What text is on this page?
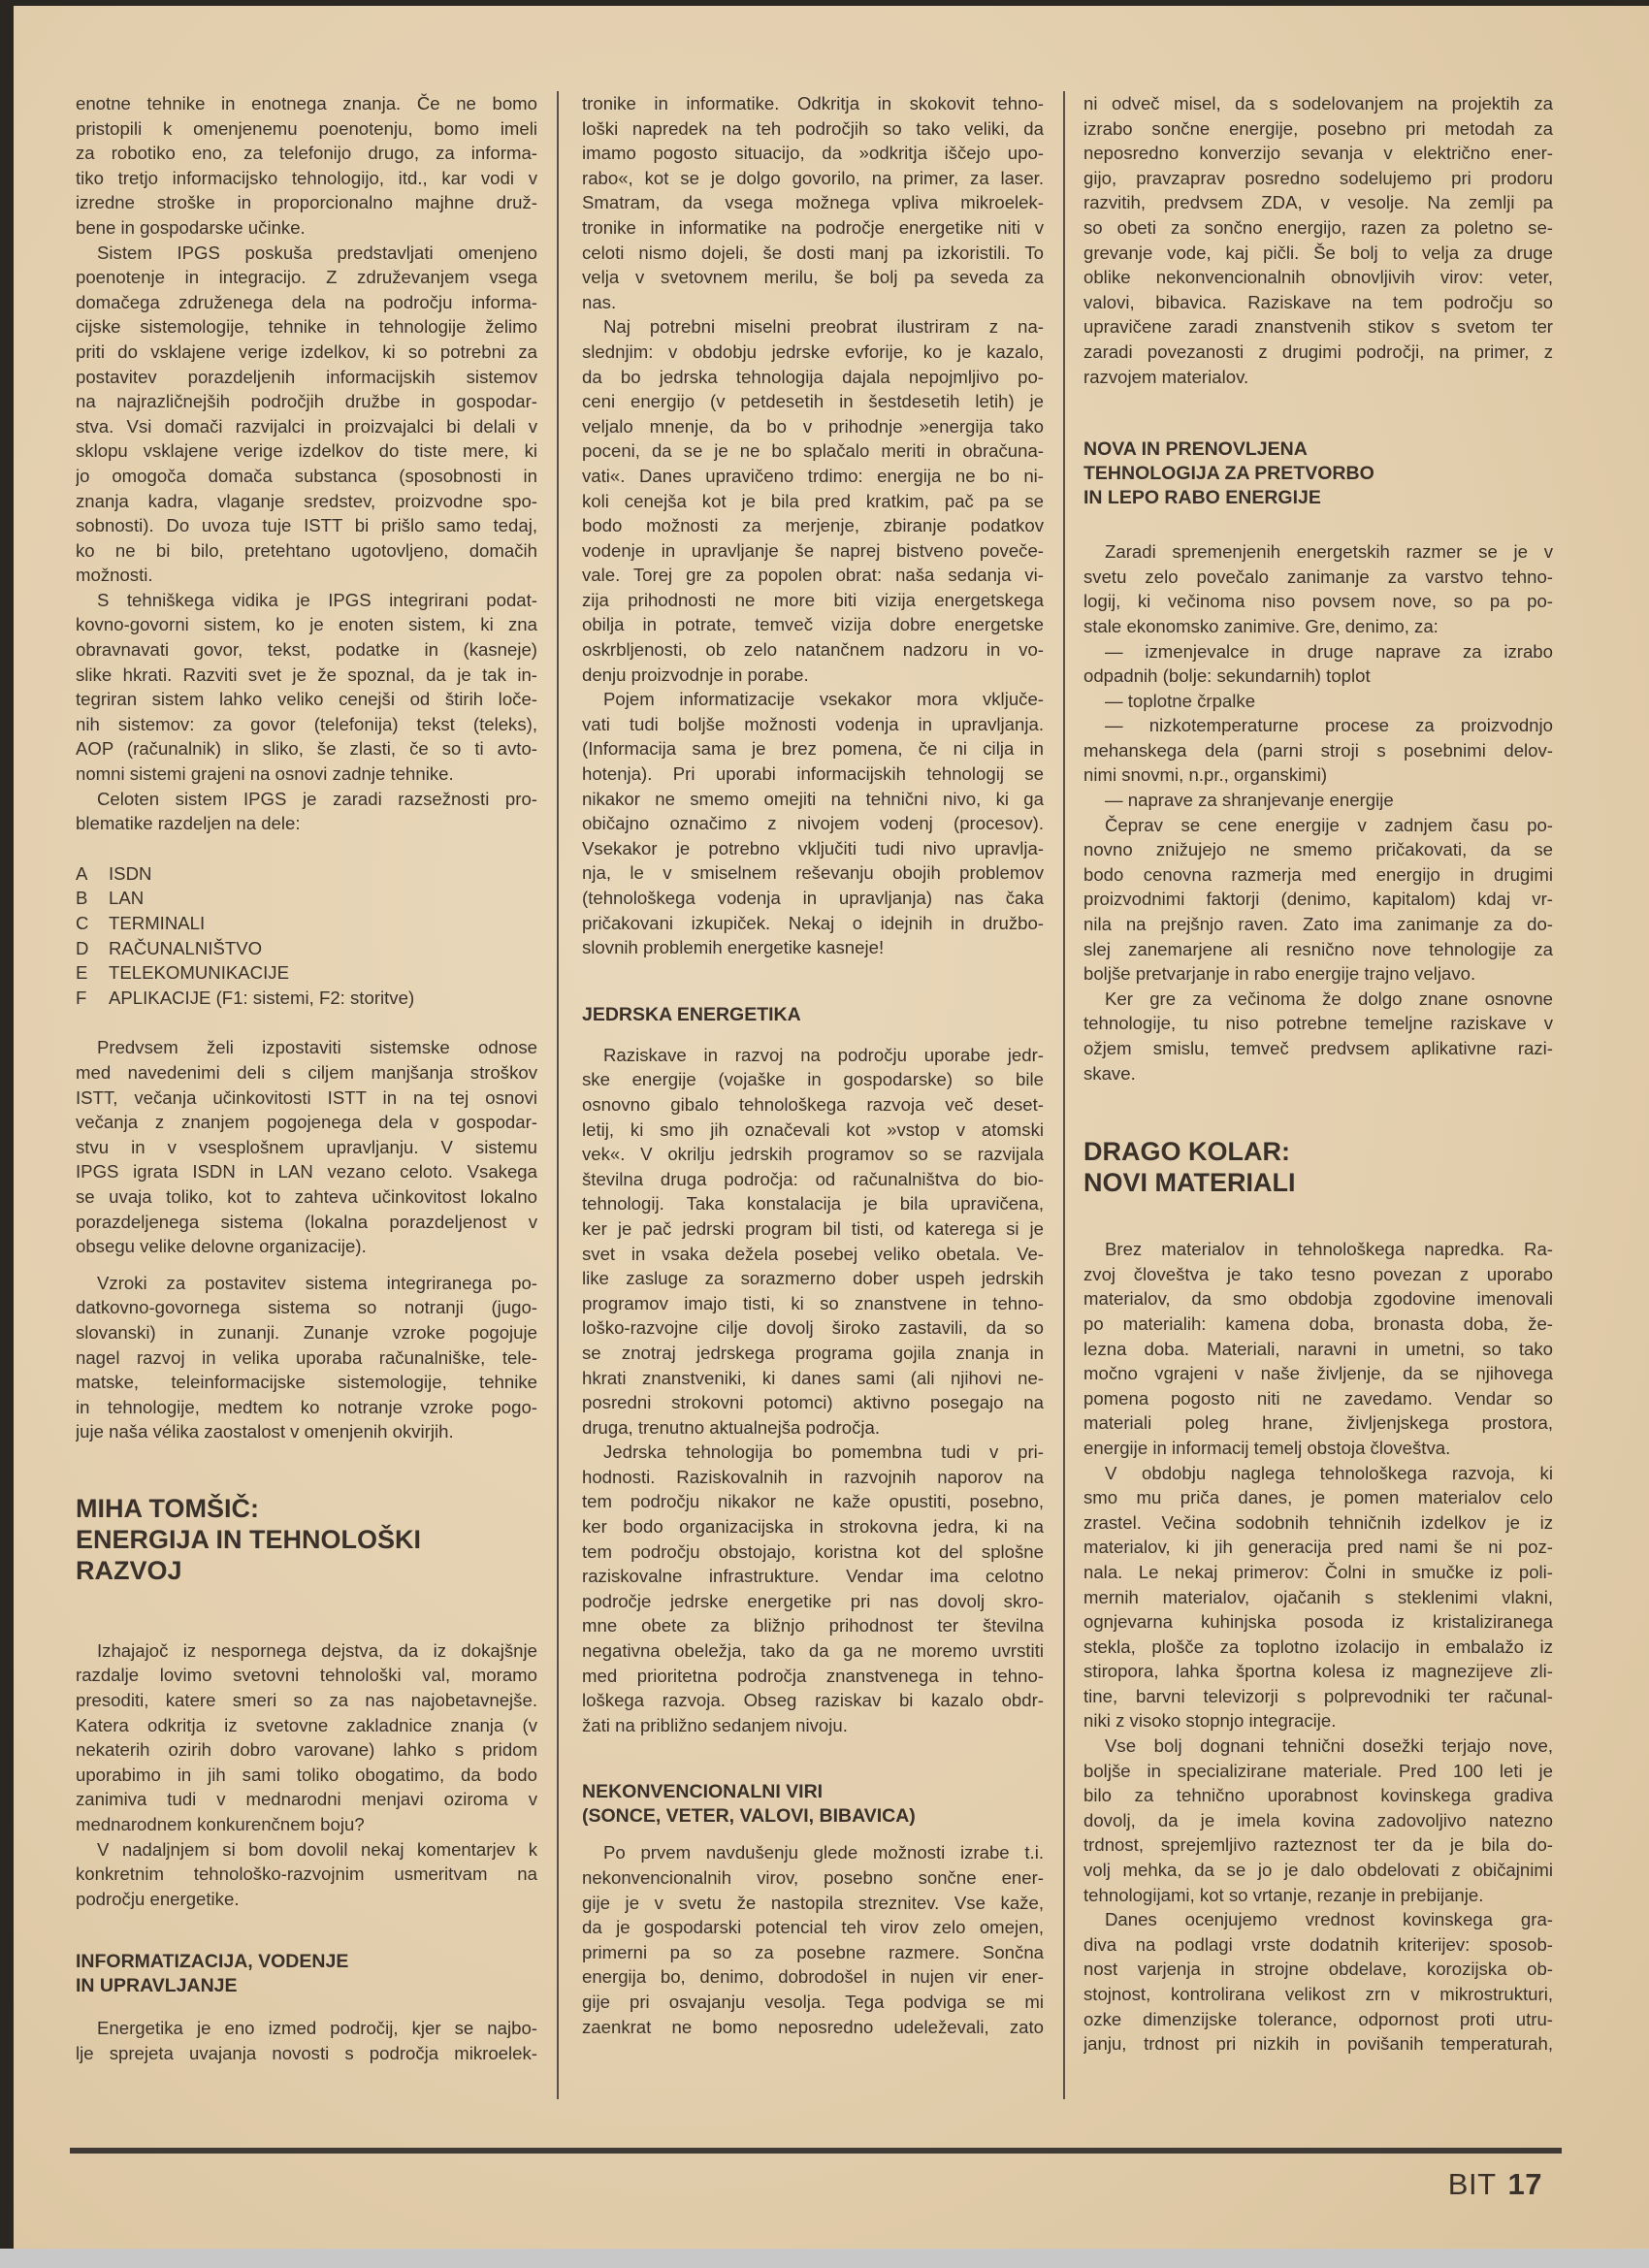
enotne tehnike in enotnega znanja. Če ne bomo
pristopili k omenjenemu poenotenju, bomo imeli
za robotiko eno, za telefonijo drugo, za informa-
tiko tretjo informacijsko tehnologijo, itd., kar vodi v
izredne stroške in proporcionalno majhne druž-
bene in gospodarske učinke.
Sistem IPGS poskuša predstavljati omenjeno
poenotenje in integracijo. Z združevanjem vsega
domačega združenega dela na področju informa-
cijske sistemologije, tehnike in tehnologije želimo
priti do vsklajene verige izdelkov, ki so potrebni za
postavitev porazdeljenih informacijskih sistemov
na najrazličnejših področjih družbe in gospodar-
stva. Vsi domači razvijalci in proizvajalci bi delali v
sklopu vsklajene verige izdelkov do tiste mere, ki
jo omogoča domača substanca (sposobnosti in
znanja kadra, vlaganje sredstev, proizvodne spo-
sobnosti). Do uvoza tuje ISTT bi prišlo samo tedaj,
ko ne bi bilo, pretehtano ugotovljeno, domačih
možnosti.
S tehniškega vidika je IPGS integrirani podat-
kovno-govorni sistem, ko je enoten sistem, ki zna
obravnavati govor, tekst, podatke in (kasneje)
slike hkrati. Razviti svet je že spoznal, da je tak in-
tegriran sistem lahko veliko cenejši od štirih loče-
nih sistemov: za govor (telefonija) tekst (teleks),
AOP (računalnik) in sliko, še zlasti, če so ti avto-
nomni sistemi grajeni na osnovi zadnje tehnike.
Celoten sistem IPGS je zaradi razsežnosti pro-
blematike razdeljen na dele:
A ISDN
B LAN
C TERMINALI
D RAČUNALNIŠTVO
E TELEKOMUNIKACIJE
F APLIKACIJE (F1: sistemi, F2: storitve)
Predvsem želi izpostaviti sistemske odnose
med navedenimi deli s ciljem manjšanja stroškov
ISTT, večanja učinkovitosti ISTT in na tej osnovi
večanja z znanjem pogojenega dela v gospodar-
stvu in v vsesplošnem upravljanju. V sistemu
IPGS igrata ISDN in LAN vezano celoto. Vsakega
se uvaja toliko, kot to zahteva učinkovitost lokalno
porazdeljenega sistema (lokalna porazdeljenost v
obsegu velike delovne organizacije).
Vzroki za postavitev sistema integriranega po-
datkovno-govornega sistema so notranji (jugo-
slovanski) in zunanji. Zunanje vzroke pogojuje
nagel razvoj in velika uporaba računalniške, tele-
matske, teleinformacijske sistemologije, tehnike
in tehnologije, medtem ko notranje vzroke pogo-
juje naša vélika zaostalost v omenjenih okvirjih.
MIHA TOMŠIČ:
ENERGIJA IN TEHNOLOŠKI
RAZVOJ
Izhajajoč iz nespornega dejstva, da iz dokajšnje
razdalje lovimo svetovni tehnološki val, moramo
presoditi, katere smeri so za nas najobetavnejše.
Katera odkritja iz svetovne zakladnice znanja (v
nekaterih ozirih dobro varovane) lahko s pridom
uporabimo in jih sami toliko obogatimo, da bodo
zanimiva tudi v mednarodni menjavi oziroma v
mednarodnem konkurenčnem boju?
V nadaljnjem si bom dovolil nekaj komentarjev k
konkretnim tehnološko-razvojnim usmeritvam na
področju energetike.
INFORMATIZACIJA, VODENJE
IN UPRAVLJANJE
Energetika je eno izmed področij, kjer se najbo-
lje sprejeta uvajanja novosti s področja mikroelek-
tronike in informatike. Odkritja in skokovit tehno-
loški napredek na teh področjih so tako veliki, da
imamo pogosto situacijo, da »odkritja iščejo upo-
rabo«, kot se je dolgo govorilo, na primer, za laser.
Smatram, da vsega možnega vpliva mikroelek-
tronike in informatike na področje energetike niti v
celoti nismo dojeli, še dosti manj pa izkoristili. To
velja v svetovnem merilu, še bolj pa seveda za
nas.
Naj potrebni miselni preobrat ilustriram z na-
slednjim: v obdobju jedrske evforije, ko je kazalo,
da bo jedrska tehnologija dajala nepojmljivo po-
ceni energijo (v petdesetih in šestdesetih letih) je
veljalo mnenje, da bo v prihodnje »energija tako
poceni, da se je ne bo splačalo meriti in obračuna-
vati«. Danes upravičeno trdimo: energija ne bo ni-
koli cenejša kot je bila pred kratkim, pač pa se
bodo možnosti za merjenje, zbiranje podatkov
vodenje in upravljanje še naprej bistveno poveče-
vale. Torej gre za popolen obrat: naša sedanja vi-
zija prihodnosti ne more biti vizija energetskega
obilja in potrate, temveč vizija dobre energetske
oskrbljenosti, ob zelo natančnem nadzoru in vo-
denju proizvodnje in porabe.
Pojem informatizacije vsekakor mora vključe-
vati tudi boljše možnosti vodenja in upravljanja.
(Informacija sama je brez pomena, če ni cilja in
hotenja). Pri uporabi informacijskih tehnologij se
nikakor ne smemo omejiti na tehnični nivo, ki ga
običajno označimo z nivojem vodenj (procesov).
Vsekakor je potrebno vključiti tudi nivo upravlja-
nja, le v smiselnem reševanju obojih problemov
(tehnološkega vodenja in upravljanja) nas čaka
pričakovani izkupiček. Nekaj o idejnih in družbo-
slovnih problemih energetike kasneje!
JEDRSKA ENERGETIKA
Raziskave in razvoj na področju uporabe jedr-
ske energije (vojaške in gospodarske) so bile
osnovno gibalo tehnološkega razvoja več deset-
letij, ki smo jih označevali kot »vstop v atomski
vek«. V okrilju jedrskih programov so se razvijala
številna druga področja: od računalništva do bio-
tehnologij. Taka konstalacija je bila upravičena,
ker je pač jedrski program bil tisti, od katerega si je
svet in vsaka dežela posebej veliko obetala. Ve-
like zasluge za sorazmerno dober uspeh jedrskih
programov imajo tisti, ki so znanstvene in tehno-
loško-razvojne cilje dovolj široko zastavili, da so
se znotraj jedrskega programa gojila znanja in
hkrati znanstveniki, ki danes sami (ali njihovi ne-
posredni strokovni potomci) aktivno posegajo na
druga, trenutno aktualnejša področja.
Jedrska tehnologija bo pomembna tudi v pri-
hodnosti. Raziskovalnih in razvojnih naporov na
tem področju nikakor ne kaže opustiti, posebno,
ker bodo organizacijska in strokovna jedra, ki na
tem področju obstojajo, koristna kot del splošne
raziskovalne infrastrukture. Vendar ima celotno
področje jedrske energetike pri nas dovolj skro-
mne obete za bližnjo prihodnost ter številna
negativna obeležja, tako da ga ne moremo uvrstiti
med prioritetna področja znanstvenega in tehno-
loškega razvoja. Obseg raziskav bi kazalo obdr-
žati na približno sedanjem nivoju.
NEKONVENCIONALNI VIRI
(SONCE, VETER, VALOVI, BIBAVICA)
Po prvem navdušenju glede možnosti izrabe t.i.
nekonvencionalnih virov, posebno sončne ener-
gije je v svetu že nastopila streznitev. Vse kaže,
da je gospodarski potencial teh virov zelo omejen,
primerni pa so za posebne razmere. Sončna
energija bo, denimo, dobrodošel in nujen vir ener-
gije pri osvajanju vesolja. Tega podviga se mi
zaenkrat ne bomo neposredno udeleževali, zato
ni odveč misel, da s sodelovanjem na projektih za
izrabo sončne energije, posebno pri metodah za
neposredno konverzijo sevanja v električno ener-
gijo, pravzaprav posredno sodelujemo pri prodoru
razvitih, predvsem ZDA, v vesolje. Na zemlji pa
so obeti za sončno energijo, razen za poletno se-
grevanje vode, kaj pičli. Še bolj to velja za druge
oblike nekonvencionalnih obnovljivih virov: veter,
valovi, bibavica. Raziskave na tem področju so
upravičene zaradi znanstvenih stikov s svetom ter
zaradi povezanosti z drugimi področji, na primer, z
razvojem materialov.
NOVA IN PRENOVLJENA
TEHNOLOGIJA ZA PRETVORBO
IN LEPO RABO ENERGIJE
Zaradi spremenjenih energetskih razmer se je v
svetu zelo povečalo zanimanje za varstvo tehno-
logij, ki večinoma niso povsem nove, so pa po-
stale ekonomsko zanimive. Gre, denimo, za:
— izmenjevalce in druge naprave za izrabo
odpadnih (bolje: sekundarnih) toplot
— toplotne črpalke
— nizkotemperaturne procese za proizvodnjo
mehanskega dela (parni stroji s posebnimi delov-
nimi snovmi, n.pr., organskimi)
— naprave za shranjevanje energije
Čeprav se cene energije v zadnjem času po-
novno znižujejo ne smemo pričakovati, da se
bodo cenovna razmerja med energijo in drugimi
proizvodnimi faktorji (denimo, kapitalom) kdaj vr-
nila na prejšnjo raven. Zato ima zanimanje za do-
slej zanemarjene ali resnično nove tehnologije za
boljše pretvarjanje in rabo energije trajno veljavo.
Ker gre za večinoma že dolgo znane osnovne
tehnologije, tu niso potrebne temeljne raziskave v
ožjem smislu, temveč predvsem aplikativne razi-
skave.
DRAGO KOLAR:
NOVI MATERIALI
Brez materialov in tehnološkega napredka. Ra-
zvoj človeštva je tako tesno povezan z uporabo
materialov, da smo obdobja zgodovine imenovali
po materialih: kamena doba, bronasta doba, že-
lezna doba. Materiali, naravni in umetni, so tako
močno vgrajeni v naše življenje, da se njihovega
pomena pogosto niti ne zavedamo. Vendar so
materiali poleg hrane, življenjskega prostora,
energije in informacij temelj obstoja človeštva.
V obdobju naglega tehnološkega razvoja, ki
smo mu priča danes, je pomen materialov celo
zrastel. Večina sodobnih tehničnih izdelkov je iz
materialov, ki jih generacija pred nami še ni poz-
nala. Le nekaj primerov: Čolni in smučke iz poli-
mernih materialov, ojačanih s steklenimi vlakni,
ognjevarna kuhinjska posoda iz kristaliziranega
stekla, plošče za toplotno izolacijo in embalažo iz
stiropora, lahka športna kolesa iz magnezijeve zli-
tine, barvni televizorji s polprevodniki ter računal-
niki z visoko stopnjo integracije.
Vse bolj dognani tehnični dosežki terjajo nove,
boljše in specializirane materiale. Pred 100 leti je
bilo za tehnično uporabnost kovinskega gradiva
dovolj, da je imela kovina zadovoljivo natezno
trdnost, sprejemljivo razteznost ter da je bila do-
volj mehka, da se jo je dalo obdelovati z običajnimi
tehnologijami, kot so vrtanje, rezanje in prebijanje.
Danes ocenjujemo vrednost kovinskega gra-
diva na podlagi vrste dodatnih kriterijev: sposob-
nost varjenja in strojne obdelave, korozijska ob-
stojnost, kontrolirana velikost zrn v mikrostrukturi,
ozke dimenzijske tolerance, odpornost proti utru-
janju, trdnost pri nizkih in povišanih temperaturah,
BIT 17
